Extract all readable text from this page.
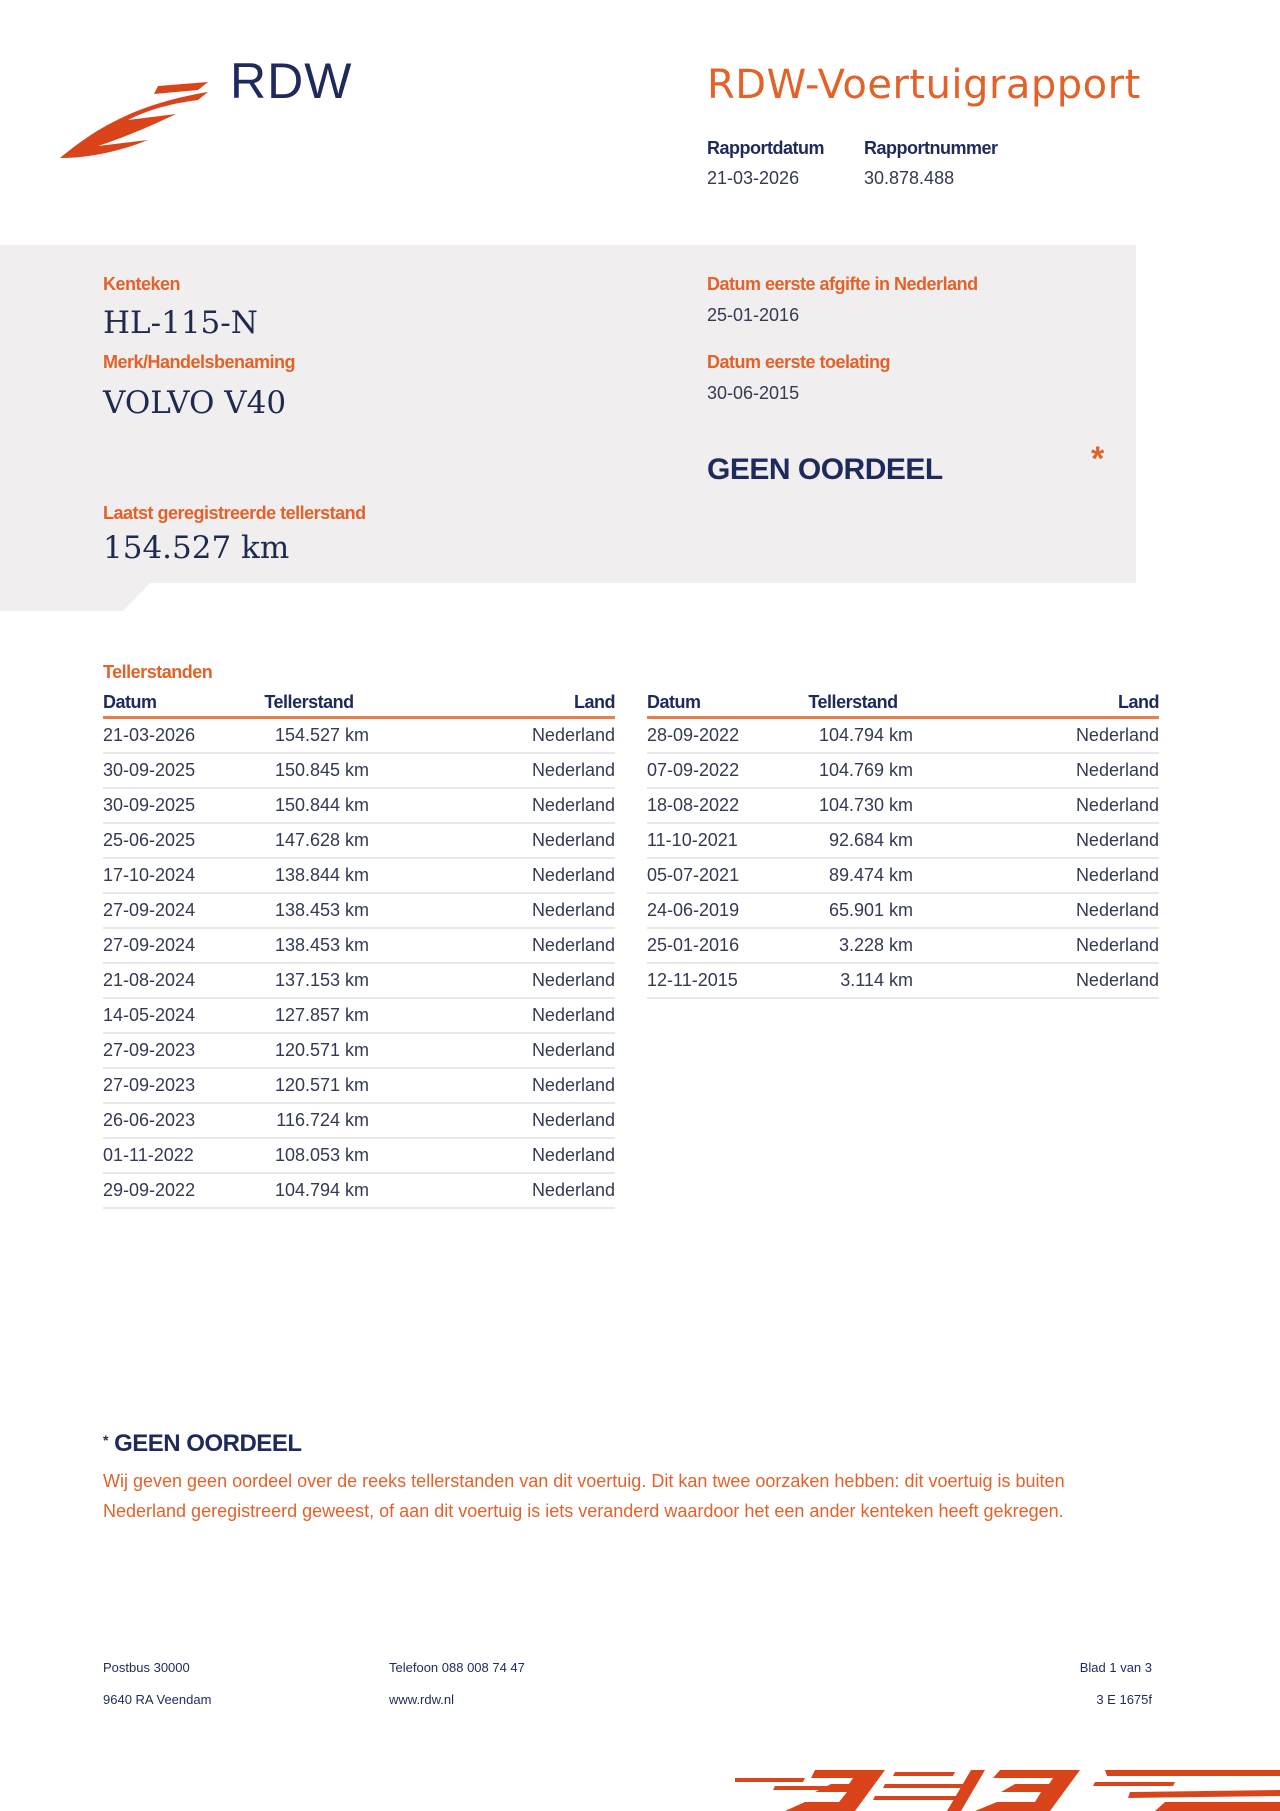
RDW	RDW-Voertuigrapport
Rapportdatum
21-03-2026
Rapportnummer
30.878.488
Kenteken
HL-115-N
Merk/Handelsbenaming
VOLVO V40
Datum eerste afgifte in Nederland
25-01-2016
Datum eerste toelating
30-06-2015
GEEN OORDEEL	*
Laatst geregistreerde tellerstand
154.527 km
Tellerstanden
Datum	Tellerstand	Land
21-03-2026	154.527 km	Nederland
30-09-2025	150.845 km	Nederland
30-09-2025	150.844 km	Nederland
25-06-2025	147.628 km	Nederland
17-10-2024	138.844 km	Nederland
27-09-2024	138.453 km	Nederland
27-09-2024	138.453 km	Nederland
21-08-2024	137.153 km	Nederland
14-05-2024	127.857 km	Nederland
27-09-2023	120.571 km	Nederland
27-09-2023	120.571 km	Nederland
26-06-2023	116.724 km	Nederland
01-11-2022	108.053 km	Nederland
29-09-2022	104.794 km	Nederland
Datum	Tellerstand	Land
28-09-2022	104.794 km	Nederland
07-09-2022	104.769 km	Nederland
18-08-2022	104.730 km	Nederland
11-10-2021	92.684 km	Nederland
05-07-2021	89.474 km	Nederland
24-06-2019	65.901 km	Nederland
25-01-2016	3.228 km	Nederland
12-11-2015	3.114 km	Nederland
* GEEN OORDEEL
Wij geven geen oordeel over de reeks tellerstanden van dit voertuig. Dit kan twee oorzaken hebben: dit voertuig is buiten Nederland geregistreerd geweest, of aan dit voertuig is iets veranderd waardoor het een ander kenteken heeft gekregen.
Postbus 30000
9640 RA Veendam
Telefoon 088 008 74 47
www.rdw.nl
Blad 1 van 3
3 E 1675f
